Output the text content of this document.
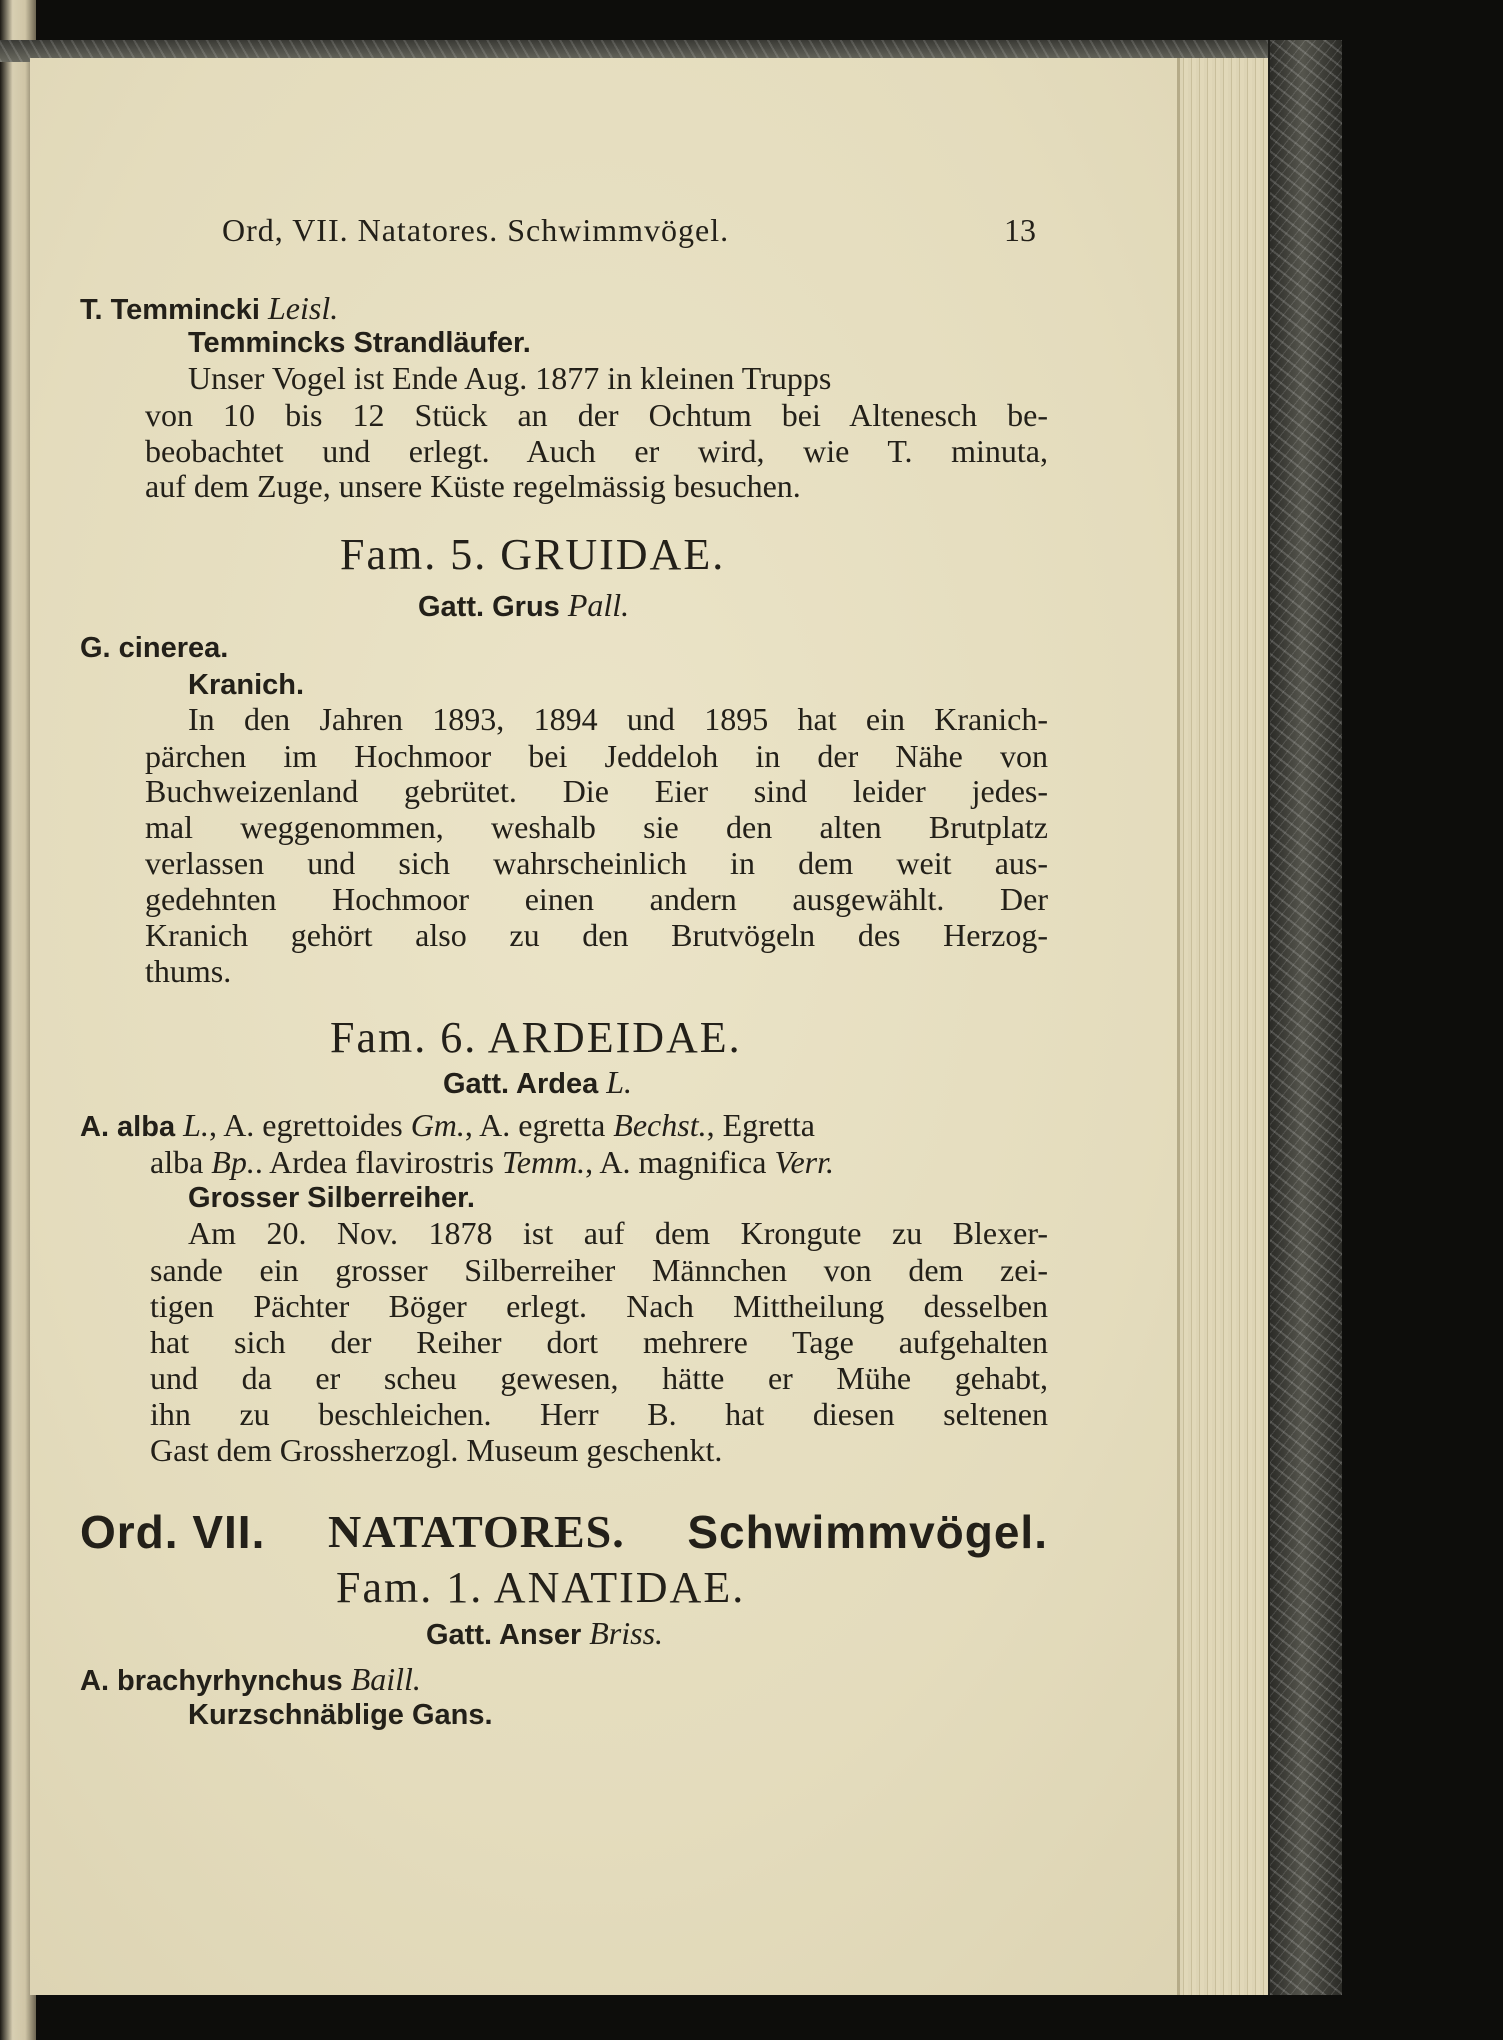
Ord, VII. Natatores. Schwimmvögel.	13
T. Temmincki Leisl.
Temmincks Strandläufer.
Unser Vogel ist Ende Aug. 1877 in kleinen Trupps
von 10 bis 12 Stück an der Ochtum bei Altenesch be-
beobachtet und erlegt. Auch er wird, wie T. minuta,
auf dem Zuge, unsere Küste regelmässig besuchen.
Fam. 5. GRUIDAE.
Gatt. Grus Pall.
G. cinerea.
Kranich.
In den Jahren 1893, 1894 und 1895 hat ein Kranich-
pärchen im Hochmoor bei Jeddeloh in der Nähe von
Buchweizenland gebrütet. Die Eier sind leider jedes-
mal weggenommen, weshalb sie den alten Brutplatz
verlassen und sich wahrscheinlich in dem weit aus-
gedehnten Hochmoor einen andern ausgewählt. Der
Kranich gehört also zu den Brutvögeln des Herzog-
thums.
Fam. 6. ARDEIDAE.
Gatt. Ardea L.
A. alba L., A. egrettoides Gm., A. egretta Bechst., Egretta
alba Bp.. Ardea flavirostris Temm., A. magnifica Verr.
Grosser Silberreiher.
Am 20. Nov. 1878 ist auf dem Krongute zu Blexer-
sande ein grosser Silberreiher Männchen von dem zei-
tigen Pächter Böger erlegt. Nach Mittheilung desselben
hat sich der Reiher dort mehrere Tage aufgehalten
und da er scheu gewesen, hätte er Mühe gehabt,
ihn zu beschleichen. Herr B. hat diesen seltenen
Gast dem Grossherzogl. Museum geschenkt.
Ord. VII. NATATORES. Schwimmvögel.
Fam. 1. ANATIDAE.
Gatt. Anser Briss.
A. brachyrhynchus Baill.
Kurzschnäblige Gans.
